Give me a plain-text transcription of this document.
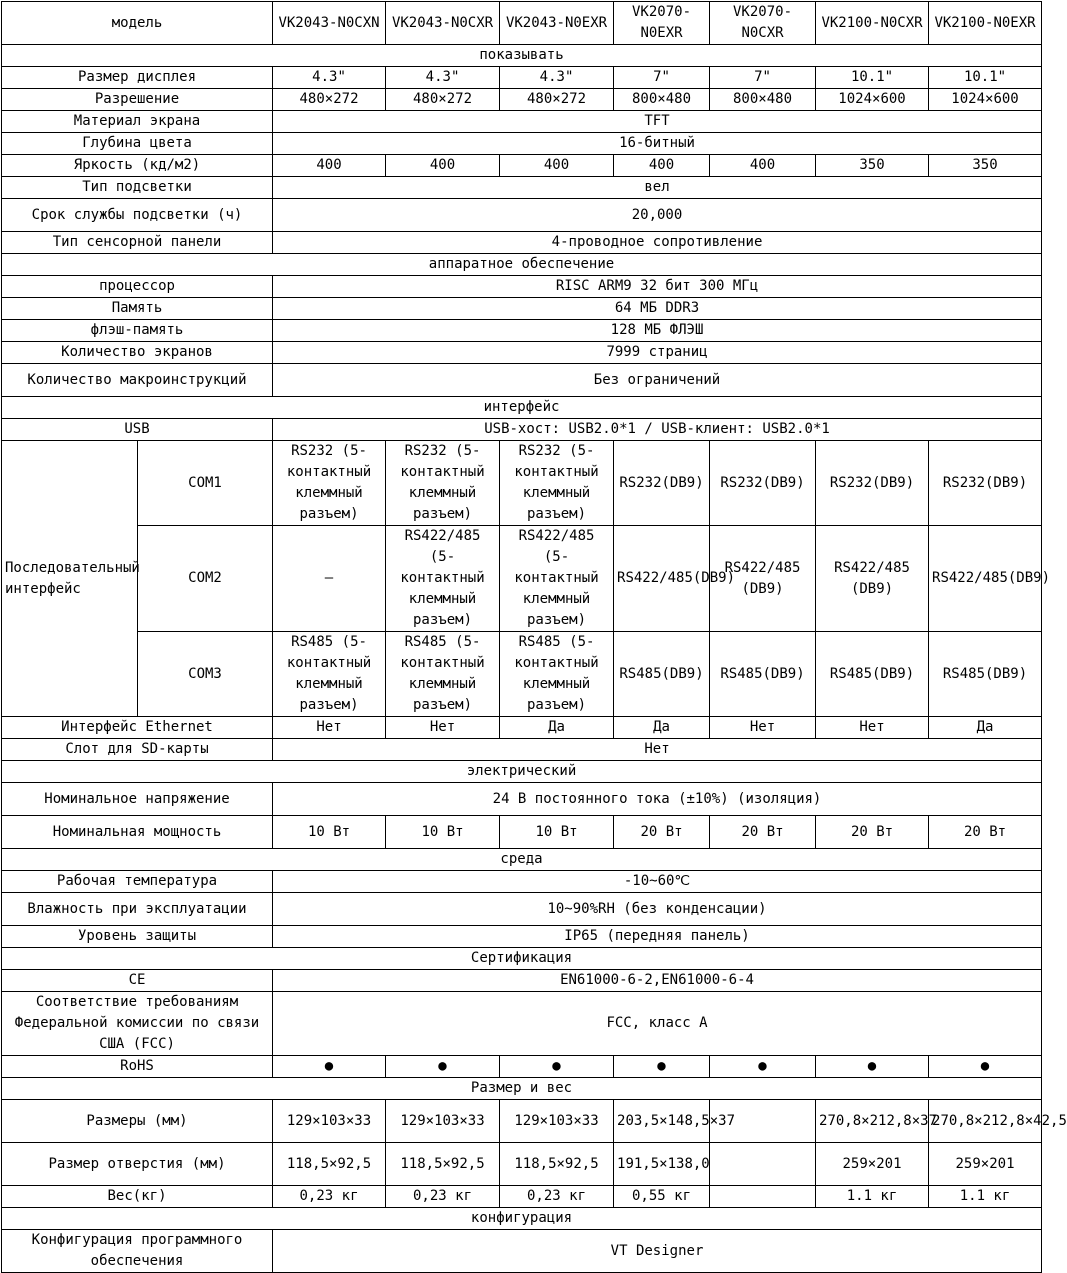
модель		VK2043-N0CXN	VK2043-N0CXR	VK2043-N0EXR	VK2070-N0EXR	VK2070-N0CXR	VK2100-N0CXR	VK2100-N0EXR
показывать								
Размер дисплея		4.3"	4.3"	4.3"	7"	7"	10.1"	10.1"
Разрешение		480×272	480×272	480×272	800×480	800×480	1024×600	1024×600
Материал экрана		TFT						
Глубина цвета		16-битный						
Яркость (кд/м2)		400	400	400	400	400	350	350
Тип подсветки		вел						
Срок службы подсветки (ч)		20,000						
Тип сенсорной панели		4-проводное сопротивление						
аппаратное обеспечение								
процессор		RISC ARM9 32 бит 300 МГц						
Память		64 МБ DDR3						
флэш-память		128 МБ ФЛЭШ						
Количество экранов		7999 страниц						
Количество макроинструкций		Без ограничений						
интерфейс								
USB		USB-хост: USB2.0*1 / USB-клиент: USB2.0*1						
Последовательный интерфейс	COM1	RS232 (5-контактный клеммный разъем)	RS232 (5-контактный клеммный разъем)	RS232 (5-контактный клеммный разъем)	RS232(DB9)	RS232(DB9)	RS232(DB9)	RS232(DB9)
	COM2	–	RS422/485 (5-контактный клеммный разъем)	RS422/485 (5-контактный клеммный разъем)	RS422/485(DB9)	RS422/485 (DB9)	RS422/485 (DB9)	RS422/485(DB9)
	COM3	RS485 (5-контактный клеммный разъем)	RS485 (5-контактный клеммный разъем)	RS485 (5-контактный клеммный разъем)	RS485(DB9)	RS485(DB9)	RS485(DB9)	RS485(DB9)
Интерфейс Ethernet		Нет	Нет	Да	Да	Нет	Нет	Да
Слот для SD-карты		Нет						
электрический								
Номинальное напряжение		24 В постоянного тока (±10%) (изоляция)						
Номинальная мощность		10 Вт	10 Вт	10 Вт	20 Вт	20 Вт	20 Вт	20 Вт
среда								
Рабочая температура		-10~60℃						
Влажность при эксплуатации		10~90%RH (без конденсации)						
Уровень защиты		IP65 (передняя панель)						
Сертификация								
CE		EN61000-6-2,EN61000-6-4						
Соответствие требованиям Федеральной комиссии по связи США (FCC)		FCC, класс А						
RoHS		●	●	●	●	●	●	●
Размер и вес								
Размеры (мм)		129×103×33	129×103×33	129×103×33	203,5×148,5×37		270,8×212,8×37	270,8×212,8×42,5
Размер отверстия (мм)		118,5×92,5	118,5×92,5	118,5×92,5	191,5×138,0		259×201	259×201
Вес(кг)		0,23 кг	0,23 кг	0,23 кг	0,55 кг		1.1 кг	1.1 кг
конфигурация								
Конфигурация программного обеспечения		VT Designer						
